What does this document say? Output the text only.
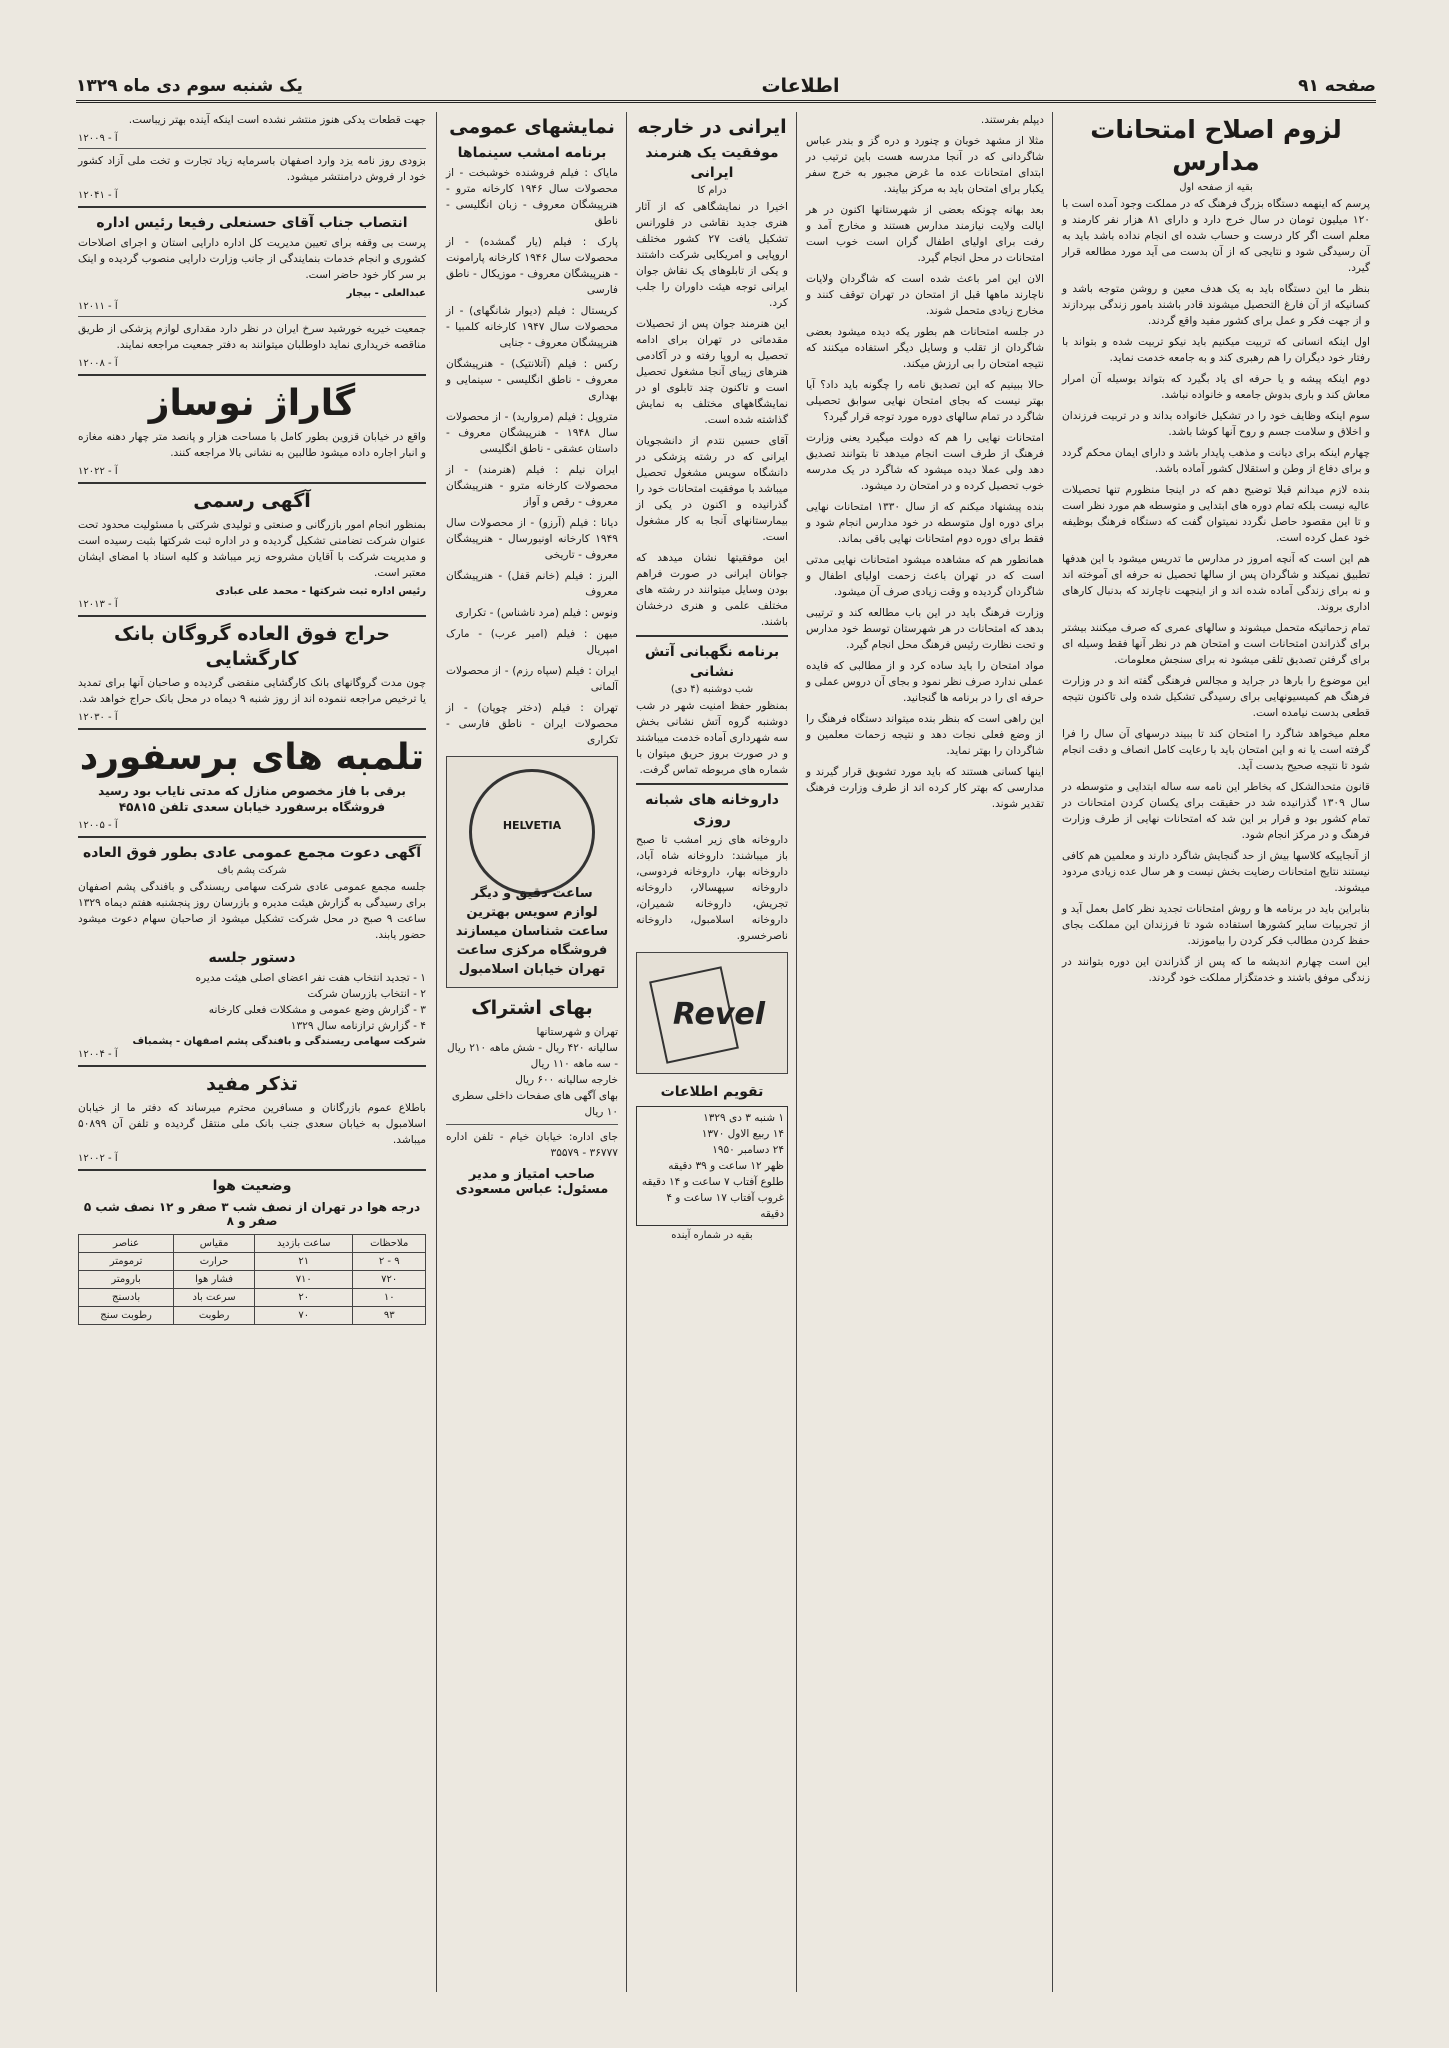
صفحه ۹۱
اطلاعات
یک شنبه سوم دی ماه ۱۳۲۹
لزوم اصلاح امتحانات مدارس
بقیه از صفحه اول

پرسم که اینهمه دستگاه بزرگ فرهنگ که در مملکت وجود آمده است با ۱۲۰ میلیون تومان در سال خرج دارد و دارای ۸۱ هزار نفر کارمند و معلم است اگر کار درست و حساب شده ای انجام نداده باشد باید به آن رسیدگی شود و نتایجی که از آن بدست می آید مورد مطالعه قرار گیرد.

بنظر ما این دستگاه باید به یک هدف معین و روشن متوجه باشد و کسانیکه از آن فارغ التحصیل میشوند قادر باشند بامور زندگی بپردازند و از جهت فکر و عمل برای کشور مفید واقع گردند.

اول اینکه انسانی که تربیت میکنیم باید نیکو تربیت شده و بتواند با رفتار خود دیگران را هم رهبری کند و به جامعه خدمت نماید.

دوم اینکه پیشه و یا حرفه ای یاد بگیرد که بتواند بوسیله آن امرار معاش کند و باری بدوش جامعه و خانواده نباشد.

سوم اینکه وظایف خود را در تشکیل خانواده بداند و در تربیت فرزندان و اخلاق و سلامت جسم و روح آنها کوشا باشد.

چهارم اینکه برای دیانت و مذهب پایدار باشد و دارای ایمان محکم گردد و برای دفاع از وطن و استقلال کشور آماده باشد.

بنده لازم میدانم قبلا توضیح دهم که در اینجا منظورم تنها تحصیلات عالیه نیست بلکه تمام دوره های ابتدایی و متوسطه هم مورد نظر است و تا این مقصود حاصل نگردد نمیتوان گفت که دستگاه فرهنگ بوظیفه خود عمل کرده است.

هم این است که آنچه امروز در مدارس ما تدریس میشود با این هدفها تطبیق نمیکند و شاگردان پس از سالها تحصیل نه حرفه ای آموخته اند و نه برای زندگی آماده شده اند و از اینجهت ناچارند که بدنبال کارهای اداری بروند.

تمام زحماتیکه متحمل میشوند و سالهای عمری که صرف میکنند بیشتر برای گذراندن امتحانات است و امتحان هم در نظر آنها فقط وسیله ای برای گرفتن تصدیق تلقی میشود نه برای سنجش معلومات.

این موضوع را بارها در جراید و مجالس فرهنگی گفته اند و در وزارت فرهنگ هم کمیسیونهایی برای رسیدگی تشکیل شده ولی تاکنون نتیجه قطعی بدست نیامده است.

معلم میخواهد شاگرد را امتحان کند تا ببیند درسهای آن سال را فرا گرفته است یا نه و این امتحان باید با رعایت کامل انصاف و دقت انجام شود تا نتیجه صحیح بدست آید.

قانون متحدالشکل که بخاطر این نامه سه ساله ابتدایی و متوسطه در سال ۱۳۰۹ گذرانیده شد در حقیقت برای یکسان کردن امتحانات در تمام کشور بود و قرار بر این شد که امتحانات نهایی از طرف وزارت فرهنگ و در مرکز انجام شود.

از آنجاییکه کلاسها بیش از حد گنجایش شاگرد دارند و معلمین هم کافی نیستند نتایج امتحانات رضایت بخش نیست و هر سال عده زیادی مردود میشوند.

بنابراین باید در برنامه ها و روش امتحانات تجدید نظر کامل بعمل آید و از تجربیات سایر کشورها استفاده شود تا فرزندان این مملکت بجای حفظ کردن مطالب فکر کردن را بیاموزند.

این است چهارم اندیشه ما که پس از گذراندن این دوره بتوانند در زندگی موفق باشند و خدمتگزار مملکت خود گردند.

دیپلم بفرستند.

مثلا از مشهد خوبان و چنورد و دره گز و بندر عباس شاگردانی که در آنجا مدرسه هست باین ترتیب در ابتدای امتحانات عده ما غرض مجبور به خرج سفر یکبار برای امتحان باید به مرکز بیایند.

بعد بهانه چونکه بعضی از شهرستانها اکنون در هر ایالت ولایت نیازمند مدارس هستند و مخارج آمد و رفت برای اولیای اطفال گران است خوب است امتحانات در محل انجام گیرد.

الان این امر باعث شده است که شاگردان ولایات ناچارند ماهها قبل از امتحان در تهران توقف کنند و مخارج زیادی متحمل شوند.

در جلسه امتحانات هم بطور یکه دیده میشود بعضی شاگردان از تقلب و وسایل دیگر استفاده میکنند که نتیجه امتحان را بی ارزش میکند.

حالا ببینیم که این تصدیق نامه را چگونه باید داد؟ آیا بهتر نیست که بجای امتحان نهایی سوابق تحصیلی شاگرد در تمام سالهای دوره مورد توجه قرار گیرد؟

امتحانات نهایی را هم که دولت میگیرد یعنی وزارت فرهنگ از طرف است انجام میدهد تا بتوانند تصدیق دهد ولی عملا دیده میشود که شاگرد در یک مدرسه خوب تحصیل کرده و در امتحان رد میشود.

بنده پیشنهاد میکنم که از سال ۱۳۳۰ امتحانات نهایی برای دوره اول متوسطه در خود مدارس انجام شود و فقط برای دوره دوم امتحانات نهایی باقی بماند.

همانطور هم که مشاهده میشود امتحانات نهایی مدتی است که در تهران باعث زحمت اولیای اطفال و شاگردان گردیده و وقت زیادی صرف آن میشود.

وزارت فرهنگ باید در این باب مطالعه کند و ترتیبی بدهد که امتحانات در هر شهرستان توسط خود مدارس و تحت نظارت رئیس فرهنگ محل انجام گیرد.

مواد امتحان را باید ساده کرد و از مطالبی که فایده عملی ندارد صرف نظر نمود و بجای آن دروس عملی و حرفه ای را در برنامه ها گنجانید.

این راهی است که بنظر بنده میتواند دستگاه فرهنگ را از وضع فعلی نجات دهد و نتیجه زحمات معلمین و شاگردان را بهتر نماید.

اینها کسانی هستند که باید مورد تشویق قرار گیرند و مدارسی که بهتر کار کرده اند از طرف وزارت فرهنگ تقدیر شوند.

ایرانی در خارجه
موفقیت یک هنرمند ایرانی
درام کا

اخیرا در نمایشگاهی که از آثار هنری جدید نقاشی در فلورانس تشکیل یافت ۲۷ کشور مختلف اروپایی و امریکایی شرکت داشتند و یکی از تابلوهای یک نقاش جوان ایرانی توجه هیئت داوران را جلب کرد.

این هنرمند جوان پس از تحصیلات مقدماتی در تهران برای ادامه تحصیل به اروپا رفته و در آکادمی هنرهای زیبای آنجا مشغول تحصیل است و تاکنون چند تابلوی او در نمایشگاههای مختلف به نمایش گذاشته شده است.

آقای حسین نتدم از دانشجویان ایرانی که در رشته پزشکی در دانشگاه سویس مشغول تحصیل میباشد با موفقیت امتحانات خود را گذرانیده و اکنون در یکی از بیمارستانهای آنجا به کار مشغول است.

این موفقیتها نشان میدهد که جوانان ایرانی در صورت فراهم بودن وسایل میتوانند در رشته های مختلف علمی و هنری درخشان باشند.

برنامه نگهبانی آتش نشانی
شب دوشنبه (۴ دی)

بمنظور حفظ امنیت شهر در شب دوشنبه گروه آتش نشانی بخش سه شهرداری آماده خدمت میباشند و در صورت بروز حریق میتوان با شماره های مربوطه تماس گرفت.

داروخانه های شبانه روزی

داروخانه های زیر امشب تا صبح باز میباشند: داروخانه شاه آباد، داروخانه بهار، داروخانه فردوسی، داروخانه سپهسالار، داروخانه تجریش، داروخانه شمیران، داروخانه اسلامبول، داروخانه ناصرخسرو.

Revel
تقویم اطلاعات
۱ شنبه ۳ دی ۱۳۲۹
۱۴ ربیع الاول ۱۳۷۰
۲۴ دسامبر ۱۹۵۰
ظهر ۱۲ ساعت و ۳۹ دقیقه
طلوع آفتاب ۷ ساعت و ۱۴ دقیقه
غروب آفتاب ۱۷ ساعت و ۴ دقیقه

بقیه در شماره آینده

نمایشهای عمومی
برنامه امشب سینماها

مایاک : فیلم فروشنده خوشبخت - از محصولات سال ۱۹۴۶ کارخانه مترو - هنرپیشگان معروف - زبان انگلیسی - ناطق

پارک : فیلم (یار گمشده) - از محصولات سال ۱۹۴۶ کارخانه پارامونت - هنرپیشگان معروف - موزیکال - ناطق فارسی

کریستال : فیلم (دیوار شانگهای) - از محصولات سال ۱۹۴۷ کارخانه کلمبیا - هنرپیشگان معروف - جنایی

رکس : فیلم (آتلانتیک) - هنرپیشگان معروف - ناطق انگلیسی - سینمایی و بهداری

متروپل : فیلم (مروارید) - از محصولات سال ۱۹۴۸ - هنرپیشگان معروف - داستان عشقی - ناطق انگلیسی

ایران نیلم : فیلم (هنرمند) - از محصولات کارخانه مترو - هنرپیشگان معروف - رقص و آواز

دیانا : فیلم (آرزو) - از محصولات سال ۱۹۴۹ کارخانه اونیورسال - هنرپیشگان معروف - تاریخی

البرز : فیلم (خانم قفل) - هنرپیشگان معروف

ونوس : فیلم (مرد ناشناس) - تکراری

میهن : فیلم (امیر عرب) - مارک امپریال

ایران : فیلم (سپاه رزم) - از محصولات آلمانی

تهران : فیلم (دختر چوپان) - از محصولات ایران - ناطق فارسی - تکراری

HELVETIA
ساعت دقیق و دیگر لوازم سویس بهترین ساعت شناسان میسازند فروشگاه مرکزی ساعت تهران خیابان اسلامبول
بهای اشتراک
تهران و شهرستانها
سالیانه ۴۲۰ ریال - شش ماهه ۲۱۰ ریال - سه ماهه ۱۱۰ ریال
خارجه سالیانه ۶۰۰ ریال
بهای آگهی های صفحات داخلی سطری ۱۰ ریال

جای اداره: خیابان خیام - تلفن اداره ۳۶۷۷۷ - ۳۵۵۷۹

صاحب امتیاز و مدیر مسئول: عباس مسعودی

جهت قطعات یدکی هنوز منتشر نشده است اینکه آینده بهتر زیباست.

آ - ۱۲۰۰۹

بزودی روز نامه یزد وارد اصفهان باسرمایه زیاد تجارت و تخت ملی آزاد کشور خود ار فروش درامنتشر میشود.

آ - ۱۲۰۴۱
انتصاب جناب آقای حسنعلی رفیعا رئیس اداره

پرست بی وقفه برای تعیین مدیریت کل اداره دارایی استان و اجرای اصلاحات کشوری و انجام خدمات بنمایندگی از جانب وزارت دارایی منصوب گردیده و اینک بر سر کار خود حاضر است.

عبدالعلی - بیجار
آ - ۱۲۰۱۱

جمعیت خیریه خورشید سرخ ایران در نظر دارد مقداری لوازم پزشکی از طریق مناقصه خریداری نماید داوطلبان میتوانند به دفتر جمعیت مراجعه نمایند.

آ - ۱۲۰۰۸
گاراژ نوساز

واقع در خیابان قزوین بطور کامل با مساحت هزار و پانصد متر چهار دهنه مغازه و انبار اجاره داده میشود طالبین به نشانی بالا مراجعه کنند.

آ - ۱۲۰۲۲
آگهی رسمی

بمنظور انجام امور بازرگانی و صنعتی و تولیدی شرکتی با مسئولیت محدود تحت عنوان شرکت تضامنی تشکیل گردیده و در اداره ثبت شرکتها بثبت رسیده است و مدیریت شرکت با آقایان مشروحه زیر میباشد و کلیه اسناد با امضای ایشان معتبر است.

رئیس اداره ثبت شرکتها - محمد علی عبادی
آ - ۱۲۰۱۳
حراج فوق العاده گروگان بانک کارگشایی

چون مدت گروگانهای بانک کارگشایی منقضی گردیده و صاحبان آنها برای تمدید یا ترخیص مراجعه ننموده اند از روز شنبه ۹ دیماه در محل بانک حراج خواهد شد.

آ - ۱۲۰۳۰
تلمبه های برسفورد

برقی با فاز مخصوص منازل که مدتی نایاب بود رسید فروشگاه برسفورد خیابان سعدی تلفن ۴۵۸۱۵

آ - ۱۲۰۰۵
آگهی دعوت مجمع عمومی عادی بطور فوق العاده
شرکت پشم باف

جلسه مجمع عمومی عادی شرکت سهامی ریسندگی و بافندگی پشم اصفهان برای رسیدگی به گزارش هیئت مدیره و بازرسان روز پنجشنبه هفتم دیماه ۱۳۲۹ ساعت ۹ صبح در محل شرکت تشکیل میشود از صاحبان سهام دعوت میشود حضور یابند.

دستور جلسه

۱ - تجدید انتخاب هفت نفر اعضای اصلی هیئت مدیره

۲ - انتخاب بازرسان شرکت

۳ - گزارش وضع عمومی و مشکلات فعلی کارخانه

۴ - گزارش ترازنامه سال ۱۳۲۹

شرکت سهامی ریسندگی و بافندگی پشم اصفهان - پشمباف
آ - ۱۲۰۰۴
تذکر مفید

باطلاع عموم بازرگانان و مسافرین محترم میرساند که دفتر ما از خیابان اسلامبول به خیابان سعدی جنب بانک ملی منتقل گردیده و تلفن آن ۵۰۸۹۹ میباشد.

آ - ۱۲۰۰۲
وضعیت هوا
درجه هوا در تهران از نصف شب ۳ صفر و ۱۲ نصف شب ۵ صفر و ۸
ملاحظات	ساعت بازدید	مقیاس	عناصر
۹ - ۲	۲۱	حرارت	ترمومتر
۷۲۰	۷۱۰	فشار هوا	بارومتر
۱۰	۲۰	سرعت باد	بادسنج
۹۳	۷۰	رطوبت	رطوبت سنج
